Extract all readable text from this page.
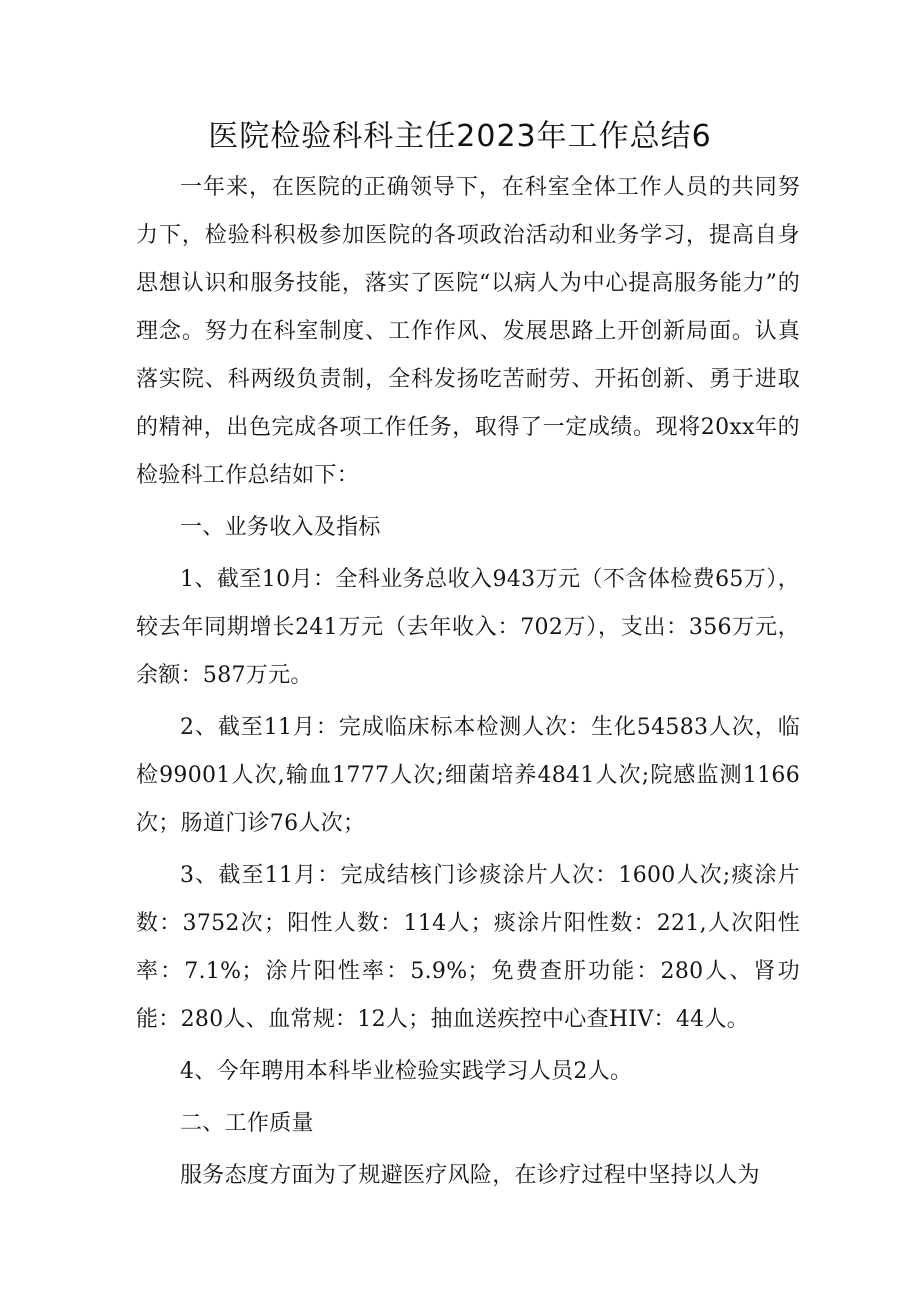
医院检验科科主任2023年工作总结6

一年来，在医院的正确领导下，在科室全体工作人员的共同努力下，检验科积极参加医院的各项政治活动和业务学习，提高自身思想认识和服务技能，落实了医院“以病人为中心提高服务能力”的理念。努力在科室制度、工作作风、发展思路上开创新局面。认真落实院、科两级负责制，全科发扬吃苦耐劳、开拓创新、勇于进取的精神，出色完成各项工作任务，取得了一定成绩。现将20xx年的检验科工作总结如下：

一、业务收入及指标

1、截至10月：全科业务总收入943万元（不含体检费65万），较去年同期增长241万元（去年收入：702万），支出：356万元，余额：587万元。

2、截至11月：完成临床标本检测人次：生化54583人次，临检99001人次,输血1777人次;细菌培养4841人次;院感监测1166次；肠道门诊76人次；

3、截至11月：完成结核门诊痰涂片人次：1600人次;痰涂片数：3752次；阳性人数：114人；痰涂片阳性数：221,人次阳性率：7.1%；涂片阳性率：5.9%；免费查肝功能：280人、肾功能：280人、血常规：12人；抽血送疾控中心查HIV：44人。

4、今年聘用本科毕业检验实践学习人员2人。

二、工作质量

服务态度方面为了规避医疗风险，在诊疗过程中坚持以人为
